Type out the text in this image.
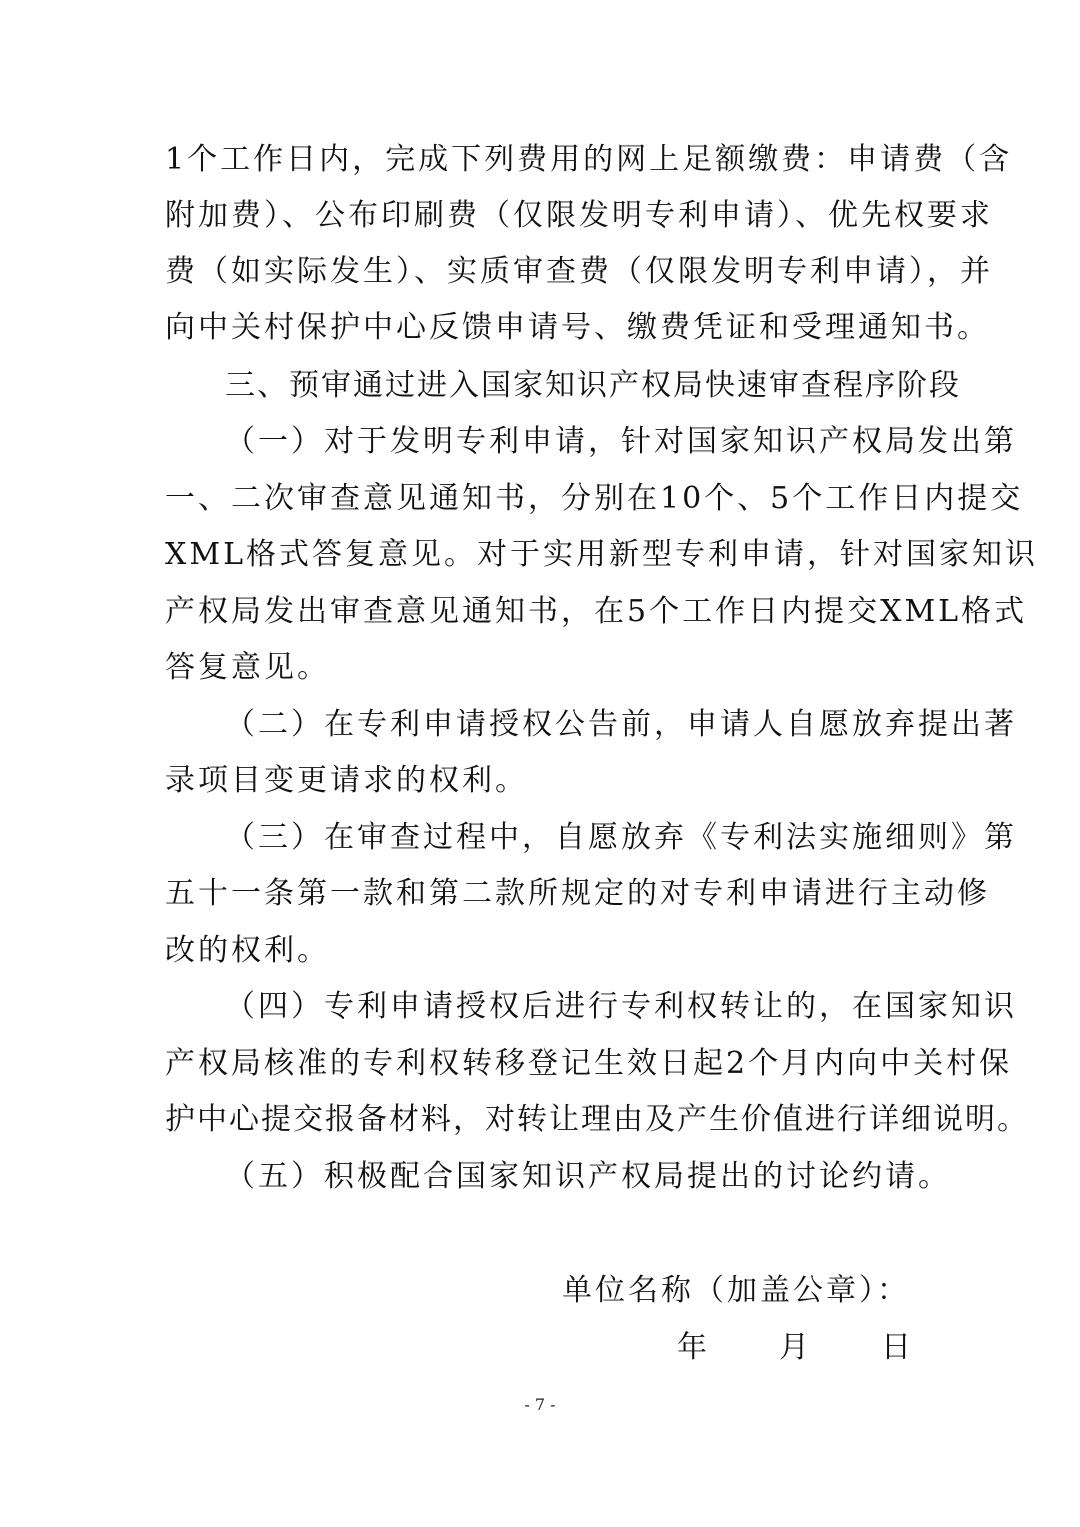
1个工作日内，完成下列费用的网上足额缴费：申请费（含
附加费）、公布印刷费（仅限发明专利申请）、优先权要求
费（如实际发生）、实质审查费（仅限发明专利申请），并
向中关村保护中心反馈申请号、缴费凭证和受理通知书。
三、预审通过进入国家知识产权局快速审查程序阶段
（一）对于发明专利申请，针对国家知识产权局发出第
一、二次审查意见通知书，分别在10个、5个工作日内提交
XML格式答复意见。对于实用新型专利申请，针对国家知识
产权局发出审查意见通知书，在5个工作日内提交XML格式
答复意见。
（二）在专利申请授权公告前，申请人自愿放弃提出著
录项目变更请求的权利。
（三）在审查过程中，自愿放弃《专利法实施细则》第
五十一条第一款和第二款所规定的对专利申请进行主动修
改的权利。
（四）专利申请授权后进行专利权转让的，在国家知识
产权局核准的专利权转移登记生效日起2个月内向中关村保
护中心提交报备材料，对转让理由及产生价值进行详细说明。
（五）积极配合国家知识产权局提出的讨论约请。
单位名称（加盖公章）：
年　　月　　日
- 7 -
